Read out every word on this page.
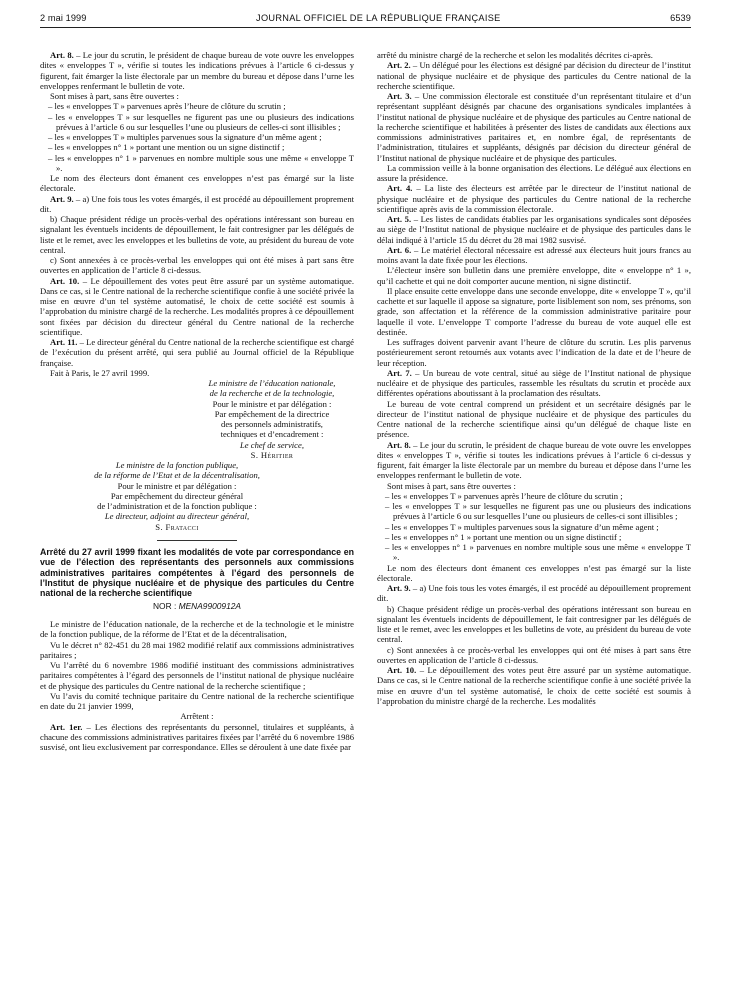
2 mai 1999	JOURNAL OFFICIEL DE LA RÉPUBLIQUE FRANÇAISE	6539

Art. 8. – Le jour du scrutin, le président de chaque bureau de vote ouvre les enveloppes dites « enveloppes T », vérifie si toutes les indications prévues à l’article 6 ci-dessus y figurent, fait émarger la liste électorale par un membre du bureau et dépose dans l’urne les enveloppes renfermant le bulletin de vote.

Sont mises à part, sans être ouvertes :

– les « enveloppes T » parvenues après l’heure de clôture du scrutin ;
– les « enveloppes T » sur lesquelles ne figurent pas une ou plusieurs des indications prévues à l’article 6 ou sur lesquelles l’une ou plusieurs de celles-ci sont illisibles ;
– les « enveloppes T » multiples parvenues sous la signature d’un même agent ;
– les « enveloppes n° 1 » portant une mention ou un signe distinctif ;
– les « enveloppes n° 1 » parvenues en nombre multiple sous une même « enveloppe T ».

Le nom des électeurs dont émanent ces enveloppes n’est pas émargé sur la liste électorale.

Art. 9. – a) Une fois tous les votes émargés, il est procédé au dépouillement proprement dit.

b) Chaque président rédige un procès-verbal des opérations intéressant son bureau en signalant les éventuels incidents de dépouillement, le fait contresigner par les délégués de liste et le remet, avec les enveloppes et les bulletins de vote, au président du bureau de vote central.

c) Sont annexées à ce procès-verbal les enveloppes qui ont été mises à part sans être ouvertes en application de l’article 8 ci-dessus.

Art. 10. – Le dépouillement des votes peut être assuré par un système automatique. Dans ce cas, si le Centre national de la recherche scientifique confie à une société privée la mise en œuvre d’un tel système automatisé, le choix de cette société est soumis à l’approbation du ministre chargé de la recherche. Les modalités propres à ce dépouillement sont fixées par décision du directeur général du Centre national de la recherche scientifique.

Art. 11. – Le directeur général du Centre national de la recherche scientifique est chargé de l’exécution du présent arrêté, qui sera publié au Journal officiel de la République française.

Fait à Paris, le 27 avril 1999.

Le ministre de l’éducation nationale,
de la recherche et de la technologie,
Pour le ministre et par délégation :
Par empêchement de la directrice
des personnels administratifs,
techniques et d’encadrement :
Le chef de service,
S. Héritier
Le ministre de la fonction publique,
de la réforme de l’Etat et de la décentralisation,
Pour le ministre et par délégation :
Par empêchement du directeur général
de l’administration et de la fonction publique :
Le directeur, adjoint au directeur général,
S. Fratacci

Arrêté du 27 avril 1999 fixant les modalités de vote par correspondance en vue de l’élection des représentants des personnels aux commissions administratives paritaires compétentes à l’égard des personnels de l’Institut de physique nucléaire et de physique des particules du Centre national de la recherche scientifique

NOR : MENA9900912A

Le ministre de l’éducation nationale, de la recherche et de la technologie et le ministre de la fonction publique, de la réforme de l’Etat et de la décentralisation,

Vu le décret n° 82-451 du 28 mai 1982 modifié relatif aux commissions administratives paritaires ;

Vu l’arrêté du 6 novembre 1986 modifié instituant des commissions administratives paritaires compétentes à l’égard des personnels de l’institut national de physique nucléaire et de physique des particules du Centre national de la recherche scientifique ;

Vu l’avis du comité technique paritaire du Centre national de la recherche scientifique en date du 21 janvier 1999,

Arrêtent :

Art. 1er. – Les élections des représentants du personnel, titulaires et suppléants, à chacune des commissions administratives paritaires fixées par l’arrêté du 6 novembre 1986 susvisé, ont lieu exclusivement par correspondance. Elles se déroulent à une date fixée par

arrêté du ministre chargé de la recherche et selon les modalités décrites ci-après.

Art. 2. – Un délégué pour les élections est désigné par décision du directeur de l’institut national de physique nucléaire et de physique des particules du Centre national de la recherche scientifique.

Art. 3. – Une commission électorale est constituée d’un représentant titulaire et d’un représentant suppléant désignés par chacune des organisations syndicales implantées à l’institut national de physique nucléaire et de physique des particules au Centre national de la recherche scientifique et habilitées à présenter des listes de candidats aux élections aux commissions administratives paritaires et, en nombre égal, de représentants de l’administration, titulaires et suppléants, désignés par décision du directeur général de l’Institut national de physique nucléaire et de physique des particules.

La commission veille à la bonne organisation des élections. Le délégué aux élections en assure la présidence.

Art. 4. – La liste des électeurs est arrêtée par le directeur de l’institut national de physique nucléaire et de physique des particules du Centre national de la recherche scientifique après avis de la commission électorale.

Art. 5. – Les listes de candidats établies par les organisations syndicales sont déposées au siège de l’Institut national de physique nucléaire et de physique des particules dans le délai indiqué à l’article 15 du décret du 28 mai 1982 susvisé.

Art. 6. – Le matériel électoral nécessaire est adressé aux électeurs huit jours francs au moins avant la date fixée pour les élections.

L’électeur insère son bulletin dans une première enveloppe, dite « enveloppe n° 1 », qu’il cachette et qui ne doit comporter aucune mention, ni signe distinctif.

Il place ensuite cette enveloppe dans une seconde enveloppe, dite « enveloppe T », qu’il cachette et sur laquelle il appose sa signature, porte lisiblement son nom, ses prénoms, son grade, son affectation et la référence de la commission administrative paritaire pour laquelle il vote. L’enveloppe T comporte l’adresse du bureau de vote auquel elle est destinée.

Les suffrages doivent parvenir avant l’heure de clôture du scrutin. Les plis parvenus postérieurement seront retournés aux votants avec l’indication de la date et de l’heure de leur réception.

Art. 7. – Un bureau de vote central, situé au siège de l’Institut national de physique nucléaire et de physique des particules, rassemble les résultats du scrutin et procède aux différentes opérations aboutissant à la proclamation des résultats.

Le bureau de vote central comprend un président et un secrétaire désignés par le directeur de l’institut national de physique nucléaire et de physique des particules du Centre national de la recherche scientifique ainsi qu’un délégué de chaque liste en présence.

Art. 8. – Le jour du scrutin, le président de chaque bureau de vote ouvre les enveloppes dites « enveloppes T », vérifie si toutes les indications prévues à l’article 6 ci-dessus y figurent, fait émarger la liste électorale par un membre du bureau et dépose dans l’urne les enveloppes renfermant le bulletin de vote.

Sont mises à part, sans être ouvertes :

– les « enveloppes T » parvenues après l’heure de clôture du scrutin ;
– les « enveloppes T » sur lesquelles ne figurent pas une ou plusieurs des indications prévues à l’article 6 ou sur lesquelles l’une ou plusieurs de celles-ci sont illisibles ;
– les « enveloppes T » multiples parvenues sous la signature d’un même agent ;
– les « enveloppes n° 1 » portant une mention ou un signe distinctif ;
– les « enveloppes n° 1 » parvenues en nombre multiple sous une même « enveloppe T ».

Le nom des électeurs dont émanent ces enveloppes n’est pas émargé sur la liste électorale.

Art. 9. – a) Une fois tous les votes émargés, il est procédé au dépouillement proprement dit.

b) Chaque président rédige un procès-verbal des opérations intéressant son bureau en signalant les éventuels incidents de dépouillement, le fait contresigner par les délégués de liste et le remet, avec les enveloppes et les bulletins de vote, au président du bureau de vote central.

c) Sont annexées à ce procès-verbal les enveloppes qui ont été mises à part sans être ouvertes en application de l’article 8 ci-dessus.

Art. 10. – Le dépouillement des votes peut être assuré par un système automatique. Dans ce cas, si le Centre national de la recherche scientifique confie à une société privée la mise en œuvre d’un tel système automatisé, le choix de cette société est soumis à l’approbation du ministre chargé de la recherche. Les modalités
